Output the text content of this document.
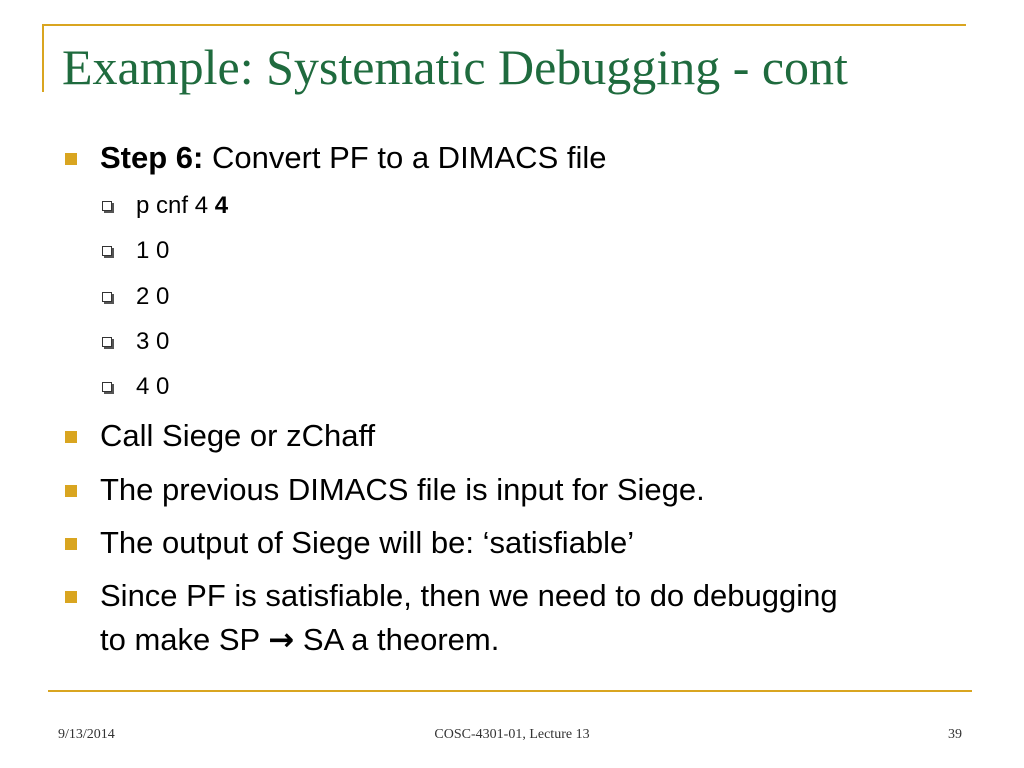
Example: Systematic Debugging - cont
Step 6: Convert PF to a DIMACS file
p cnf 4 4
1 0
2 0
3 0
4 0
Call Siege or zChaff
The previous DIMACS file is input for Siege.
The output of Siege will be: ‘satisfiable’
Since PF is satisfiable, then we need to do debugging
to make SP → SA a theorem.
9/13/2014	COSC-4301-01, Lecture 13	39
